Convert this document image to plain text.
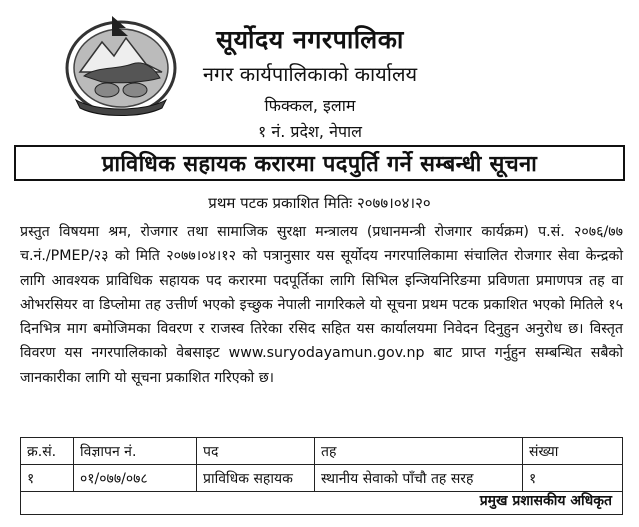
सूर्योदय नगरपालिका
नगर कार्यपालिकाको कार्यालय
फिक्कल, इलाम
१ नं. प्रदेश, नेपाल
प्राविधिक सहायक करारमा पदपुर्ति गर्ने सम्बन्धी सूचना
प्रथम पटक प्रकाशित मितिः २०७७।०४।२०

प्रस्तुत विषयमा श्रम, रोजगार तथा सामाजिक सुरक्षा मन्त्रालय (प्रधानमन्त्री रोजगार कार्यक्रम) प.सं. २०७६/७७ च.नं./PMEP/२३ को मिति २०७७।०४।१२ को पत्रानुसार यस सूर्योदय नगरपालिकामा संचालित रोजगार सेवा केन्द्रको लागि आवश्यक प्राविधिक सहायक पद करारमा पदपूर्तिका लागि सिभिल इन्जियनिरिङमा प्रविणता प्रमाणपत्र तह वा ओभरसियर वा डिप्लोमा तह उत्तीर्ण भएको इच्छुक नेपाली नागरिकले यो सूचना प्रथम पटक प्रकाशित भएको मितिले १५ दिनभित्र माग बमोजिमका विवरण र राजस्व तिरेका रसिद सहित यस कार्यालयमा निवेदन दिनुहुन अनुरोध छ। विस्तृत विवरण यस नगरपालिकाको वेबसाइट www.suryodayamun.gov.np बाट प्राप्त गर्नुहुन सम्बन्धित सबैको जानकारीका लागि यो सूचना प्रकाशित गरिएको छ।

क्र.सं.	विज्ञापन नं.	पद	तह	संख्या
१	०१/०७७/०७८	प्राविधिक सहायक	स्थानीय सेवाको पाँचौ तह सरह	१
प्रमुख प्रशासकीय अधिकृत
